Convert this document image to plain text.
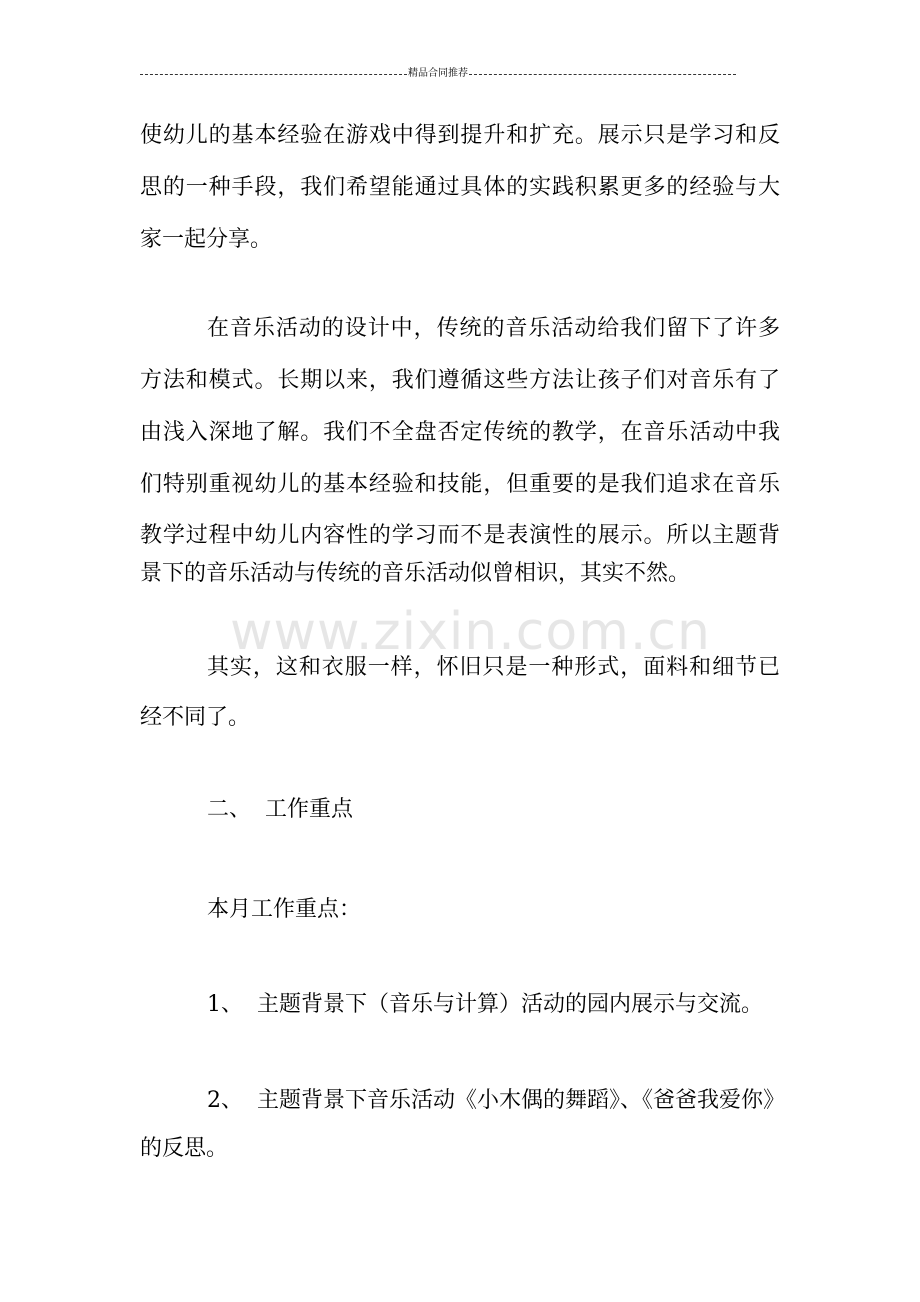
精品合同推荐
www.zixin.com.cn
使幼儿的基本经验在游戏中得到提升和扩充。展示只是学习和反
思的一种手段，我们希望能通过具体的实践积累更多的经验与大
家一起分享。
在音乐活动的设计中，传统的音乐活动给我们留下了许多
方法和模式。长期以来，我们遵循这些方法让孩子们对音乐有了
由浅入深地了解。我们不全盘否定传统的教学，在音乐活动中我
们特别重视幼儿的基本经验和技能，但重要的是我们追求在音乐
教学过程中幼儿内容性的学习而不是表演性的展示。所以主题背
景下的音乐活动与传统的音乐活动似曾相识，其实不然。
其实，这和衣服一样，怀旧只是一种形式，面料和细节已
经不同了。
二、  工作重点
本月工作重点：
1、  主题背景下（音乐与计算）活动的园内展示与交流。
2、  主题背景下音乐活动《小木偶的舞蹈》、《爸爸我爱你》
的反思。
